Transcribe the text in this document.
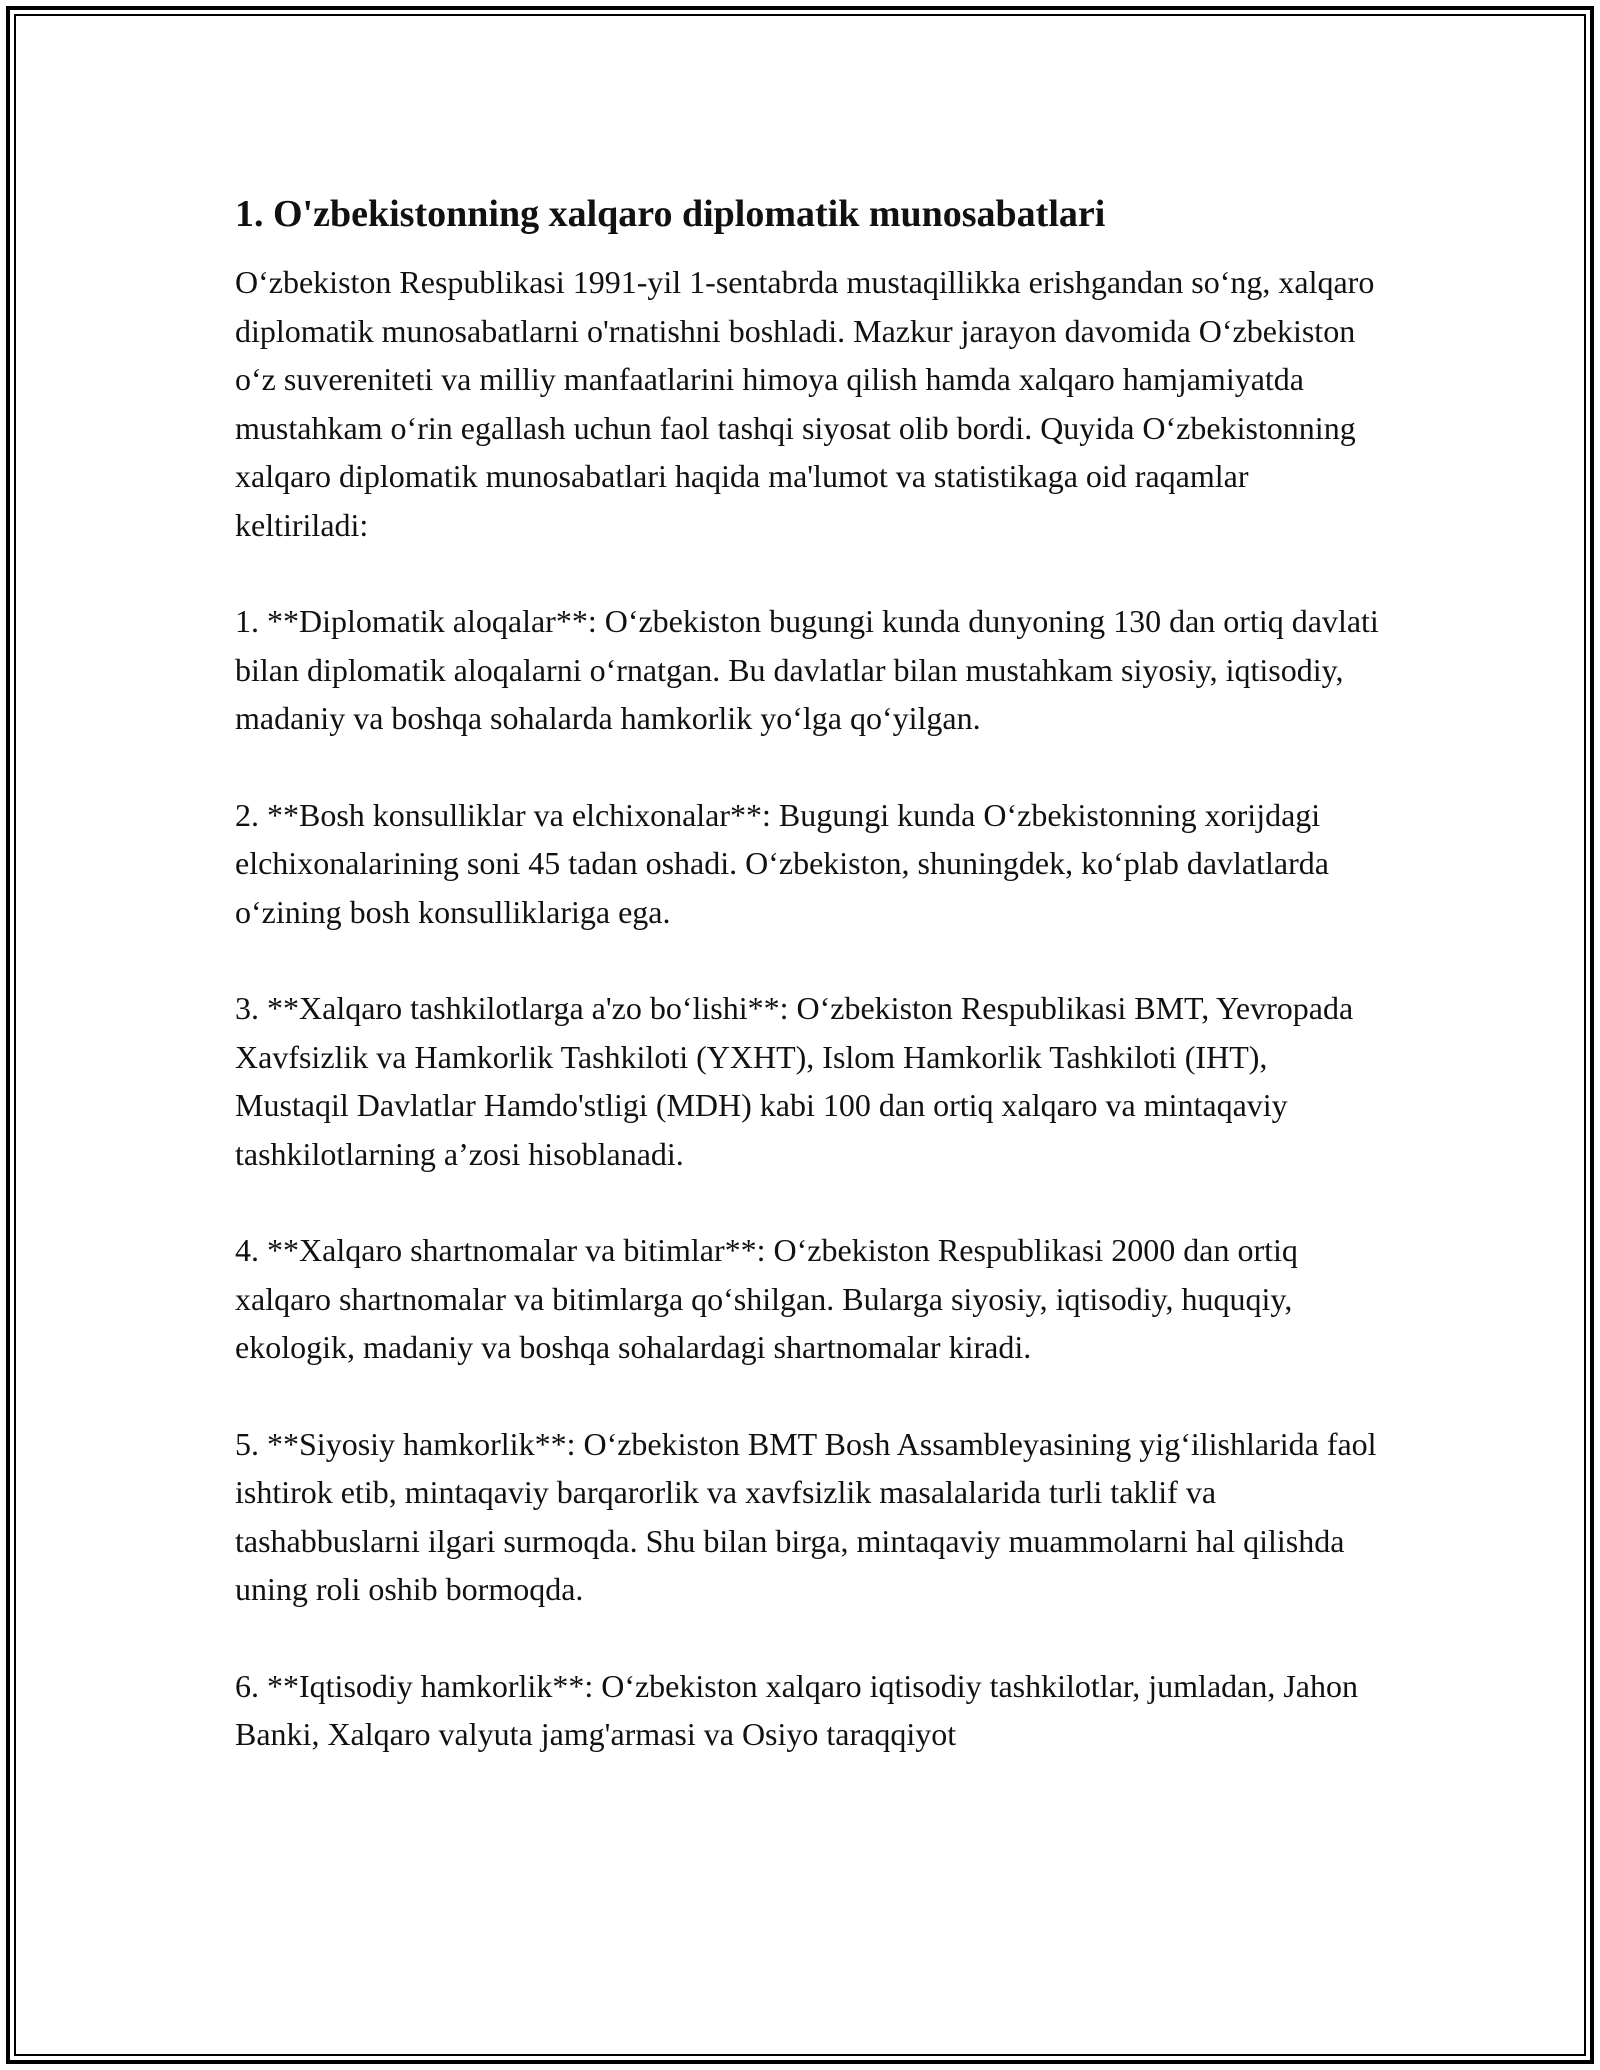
1. O'zbekistonning xalqaro diplomatik munosabatlari

O‘zbekiston Respublikasi 1991-yil 1-sentabrda mustaqillikka erishgandan so‘ng, xalqaro diplomatik munosabatlarni o'rnatishni boshladi. Mazkur jarayon davomida O‘zbekiston o‘z suvereniteti va milliy manfaatlarini himoya qilish hamda xalqaro hamjamiyatda mustahkam o‘rin egallash uchun faol tashqi siyosat olib bordi. Quyida O‘zbekistonning xalqaro diplomatik munosabatlari haqida ma'lumot va statistikaga oid raqamlar keltiriladi:

1. **Diplomatik aloqalar**: O‘zbekiston bugungi kunda dunyoning 130 dan ortiq davlati bilan diplomatik aloqalarni o‘rnatgan. Bu davlatlar bilan mustahkam siyosiy, iqtisodiy, madaniy va boshqa sohalarda hamkorlik yo‘lga qo‘yilgan.

2. **Bosh konsulliklar va elchixonalar**: Bugungi kunda O‘zbekistonning xorijdagi elchixonalarining soni 45 tadan oshadi. O‘zbekiston, shuningdek, ko‘plab davlatlarda o‘zining bosh konsulliklariga ega.

3. **Xalqaro tashkilotlarga a'zo bo‘lishi**: O‘zbekiston Respublikasi BMT, Yevropada Xavfsizlik va Hamkorlik Tashkiloti (YXHT), Islom Hamkorlik Tashkiloti (IHT), Mustaqil Davlatlar Hamdo'stligi (MDH) kabi 100 dan ortiq xalqaro va mintaqaviy tashkilotlarning a’zosi hisoblanadi.

4. **Xalqaro shartnomalar va bitimlar**: O‘zbekiston Respublikasi 2000 dan ortiq xalqaro shartnomalar va bitimlarga qo‘shilgan. Bularga siyosiy, iqtisodiy, huquqiy, ekologik, madaniy va boshqa sohalardagi shartnomalar kiradi.

5. **Siyosiy hamkorlik**: O‘zbekiston BMT Bosh Assambleyasining yig‘ilishlarida faol ishtirok etib, mintaqaviy barqarorlik va xavfsizlik masalalarida turli taklif va tashabbuslarni ilgari surmoqda. Shu bilan birga, mintaqaviy muammolarni hal qilishda uning roli oshib bormoqda.

6. **Iqtisodiy hamkorlik**: O‘zbekiston xalqaro iqtisodiy tashkilotlar, jumladan, Jahon Banki, Xalqaro valyuta jamg'armasi va Osiyo taraqqiyot
